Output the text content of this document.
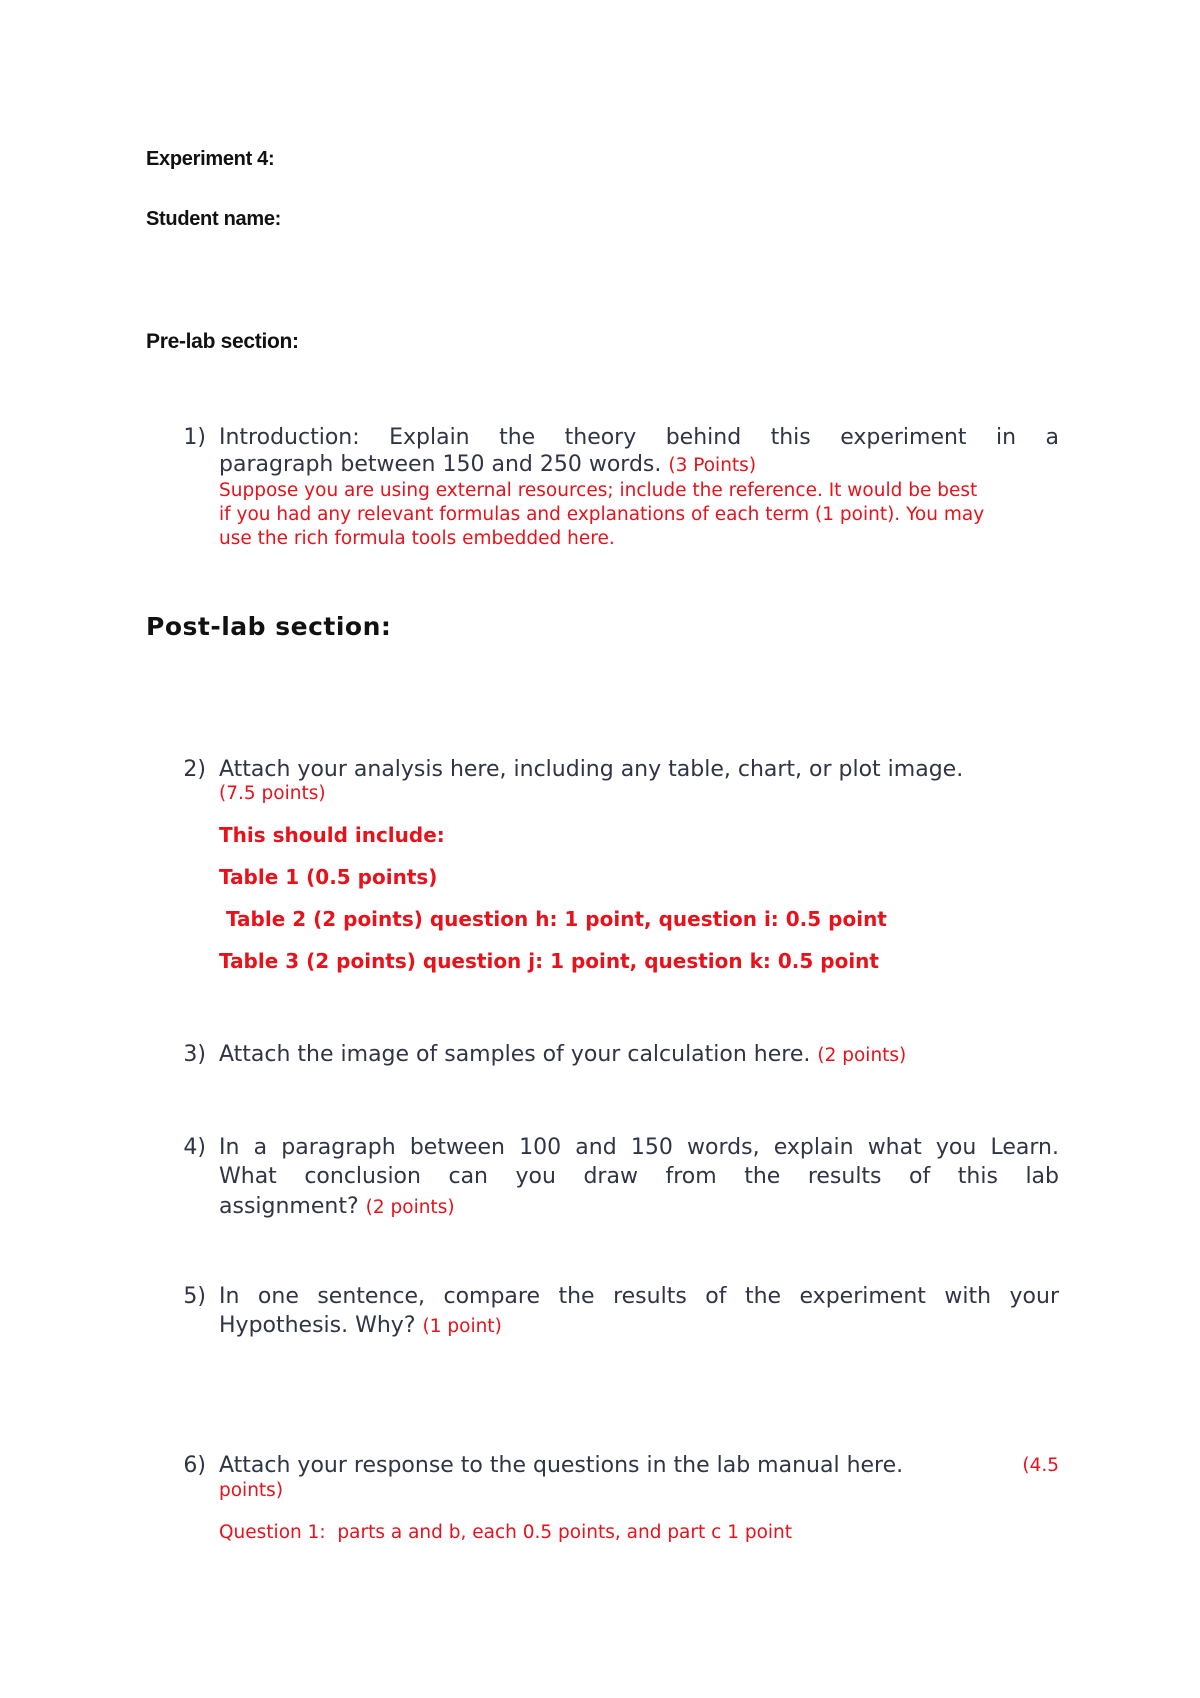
Experiment 4:
Student name:
Pre-lab section:
1) Introduction: Explain the theory behind this experiment in a
paragraph between 150 and 250 words. (3 Points)
Suppose you are using external resources; include the reference. It would be best
if you had any relevant formulas and explanations of each term (1 point). You may
use the rich formula tools embedded here.
Post-lab section:
2) Attach your analysis here, including any table, chart, or plot image.
(7.5 points)
This should include:
Table 1 (0.5 points)
Table 2 (2 points) question h: 1 point, question i: 0.5 point
Table 3 (2 points) question j: 1 point, question k: 0.5 point
3) Attach the image of samples of your calculation here. (2 points)
4) In a paragraph between 100 and 150 words, explain what you Learn.
What conclusion can you draw from the results of this lab
assignment? (2 points)
5) In one sentence, compare the results of the experiment with your
Hypothesis. Why? (1 point)
6) Attach your response to the questions in the lab manual here.	(4.5
points)
Question 1:  parts a and b, each 0.5 points, and part c 1 point
